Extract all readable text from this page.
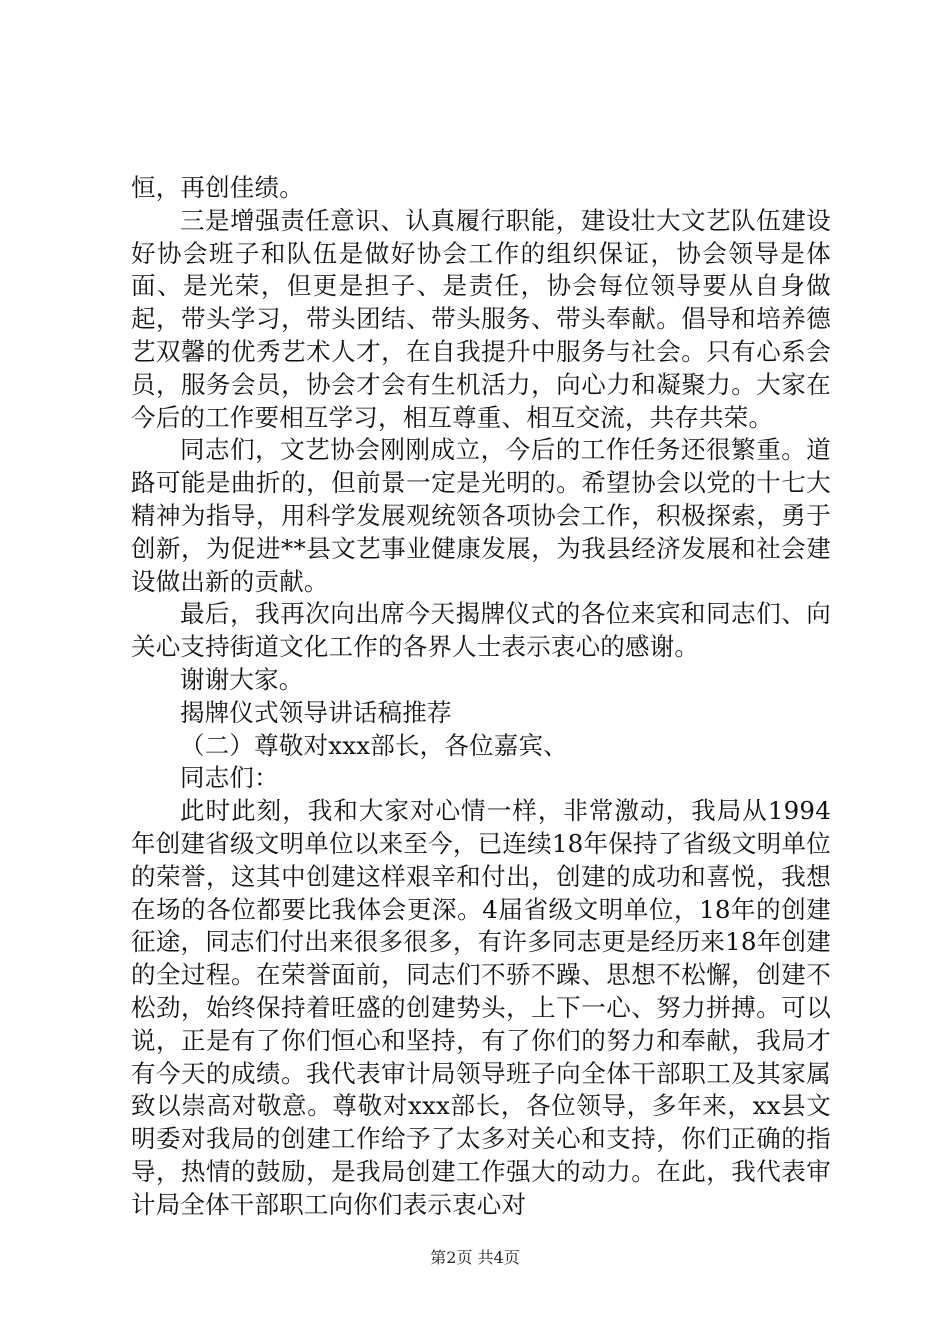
恒，再创佳绩。

三是增强责任意识、认真履行职能，建设壮大文艺队伍建设好协会班子和队伍是做好协会工作的组织保证，协会领导是体面、是光荣，但更是担子、是责任，协会每位领导要从自身做起，带头学习，带头团结、带头服务、带头奉献。倡导和培养德艺双馨的优秀艺术人才，在自我提升中服务与社会。只有心系会员，服务会员，协会才会有生机活力，向心力和凝聚力。大家在今后的工作要相互学习，相互尊重、相互交流，共存共荣。

同志们，文艺协会刚刚成立，今后的工作任务还很繁重。道路可能是曲折的，但前景一定是光明的。希望协会以党的十七大精神为指导，用科学发展观统领各项协会工作，积极探索，勇于创新，为促进**县文艺事业健康发展，为我县经济发展和社会建设做出新的贡献。

最后，我再次向出席今天揭牌仪式的各位来宾和同志们、向关心支持街道文化工作的各界人士表示衷心的感谢。

谢谢大家。

揭牌仪式领导讲话稿推荐

（二）尊敬对xxx部长，各位嘉宾、

同志们：

此时此刻，我和大家对心情一样，非常激动，我局从1994年创建省级文明单位以来至今，已连续18年保持了省级文明单位的荣誉，这其中创建这样艰辛和付出，创建的成功和喜悦，我想在场的各位都要比我体会更深。4届省级文明单位，18年的创建征途，同志们付出来很多很多，有许多同志更是经历来18年创建的全过程。在荣誉面前，同志们不骄不躁、思想不松懈，创建不松劲，始终保持着旺盛的创建势头，上下一心、努力拼搏。可以说，正是有了你们恒心和坚持，有了你们的努力和奉献，我局才有今天的成绩。我代表审计局领导班子向全体干部职工及其家属致以崇高对敬意。尊敬对xxx部长，各位领导，多年来，xx县文明委对我局的创建工作给予了太多对关心和支持，你们正确的指导，热情的鼓励，是我局创建工作强大的动力。在此，我代表审计局全体干部职工向你们表示衷心对

第2页 共4页
